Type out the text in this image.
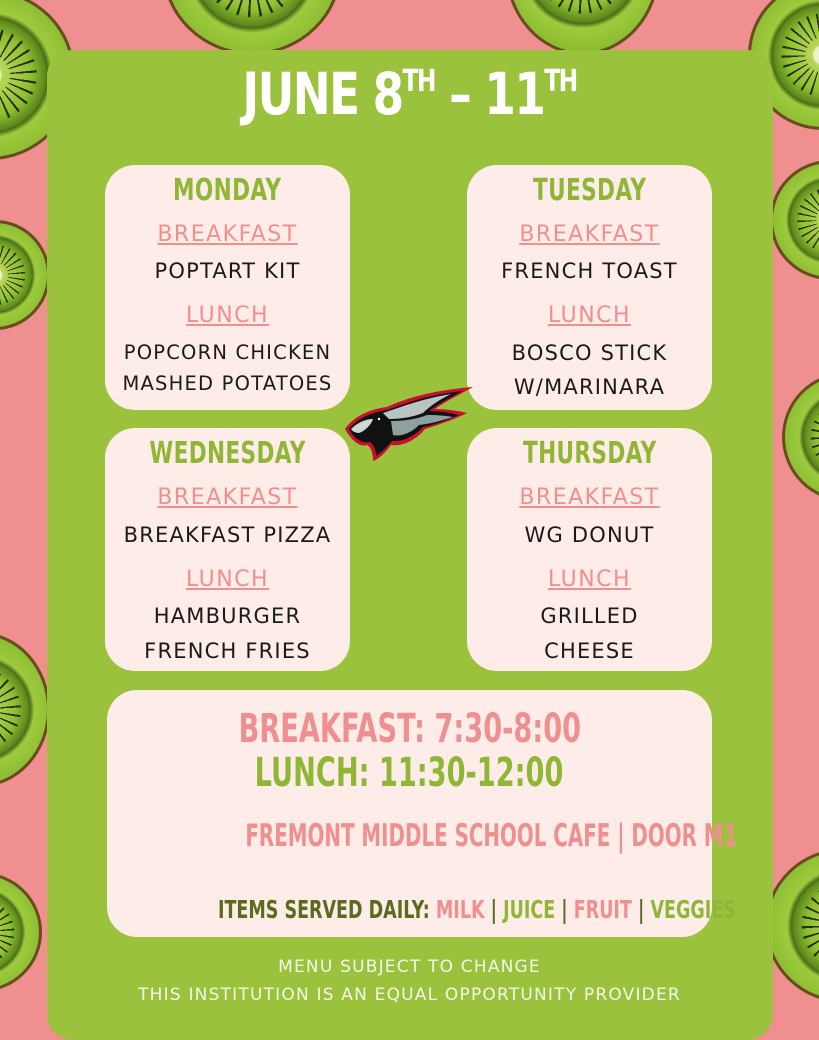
JUNE 8TH – 11TH
MONDAY
BREAKFAST
POPTART KIT
LUNCH
POPCORN CHICKEN
MASHED POTATOES
TUESDAY
BREAKFAST
FRENCH TOAST
LUNCH
BOSCO STICK
W/MARINARA
WEDNESDAY
BREAKFAST
BREAKFAST PIZZA
LUNCH
HAMBURGER
FRENCH FRIES
THURSDAY
BREAKFAST
WG DONUT
LUNCH
GRILLED
CHEESE
BREAKFAST: 7:30-8:00
LUNCH: 11:30-12:00
FREMONT MIDDLE SCHOOL CAFE | DOOR M1
ITEMS SERVED DAILY: MILK | JUICE | FRUIT | VEGGIES
MENU SUBJECT TO CHANGE
THIS INSTITUTION IS AN EQUAL OPPORTUNITY PROVIDER
